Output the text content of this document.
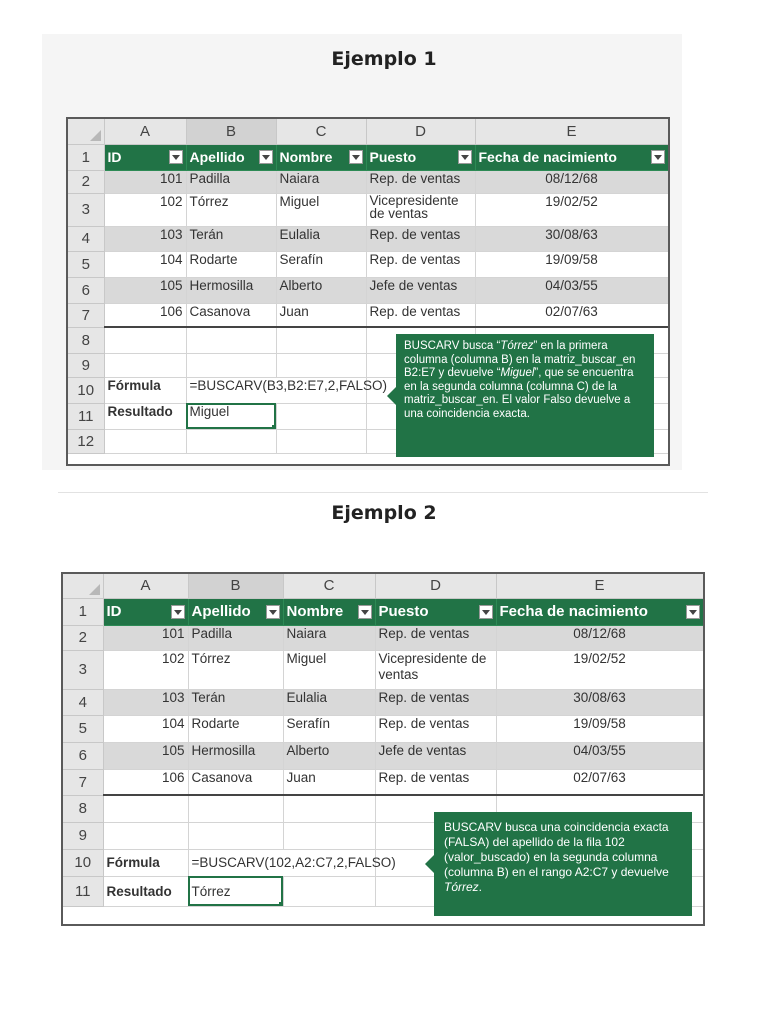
Ejemplo 1
	A	B	C	D	E
1	ID	Apellido	Nombre	Puesto	Fecha de nacimiento

2	101	Padilla	Naiara	Rep. de ventas	08/12/68
3	102	Tórrez	Miguel	Vicepresidente de ventas	19/02/52
4	103	Terán	Eulalia	Rep. de ventas	30/08/63
5	104	Rodarte	Serafín	Rep. de ventas	19/09/58
6	105	Hermosilla	Alberto	Jefe de ventas	04/03/55
7	106	Casanova	Juan	Rep. de ventas	02/07/63
8					
9					
10	Fórmula	=BUSCARV(B3,B2:E7,2,FALSO)			
11	Resultado	Miguel			
12					
BUSCARV busca “Tórrez” en la primera columna (columna B) en la matriz_buscar_en B2:E7 y devuelve “Miguel”, que se encuentra en la segunda columna (columna C) de la matriz_buscar_en. El valor Falso devuelve a una coincidencia exacta.
Ejemplo 2
	A	B	C	D	E
1	ID	Apellido	Nombre	Puesto	Fecha de nacimiento

2	101	Padilla	Naiara	Rep. de ventas	08/12/68
3	102	Tórrez	Miguel	Vicepresidente de ventas	19/02/52
4	103	Terán	Eulalia	Rep. de ventas	30/08/63
5	104	Rodarte	Serafín	Rep. de ventas	19/09/58
6	105	Hermosilla	Alberto	Jefe de ventas	04/03/55
7	106	Casanova	Juan	Rep. de ventas	02/07/63
8					
9					
10	Fórmula	=BUSCARV(102,A2:C7,2,FALSO)			
11	Resultado	Tórrez			
BUSCARV busca una coincidencia exacta (FALSA) del apellido de la fila 102 (valor_buscado) en la segunda columna (columna B) en el rango A2:C7 y devuelve Tórrez.
